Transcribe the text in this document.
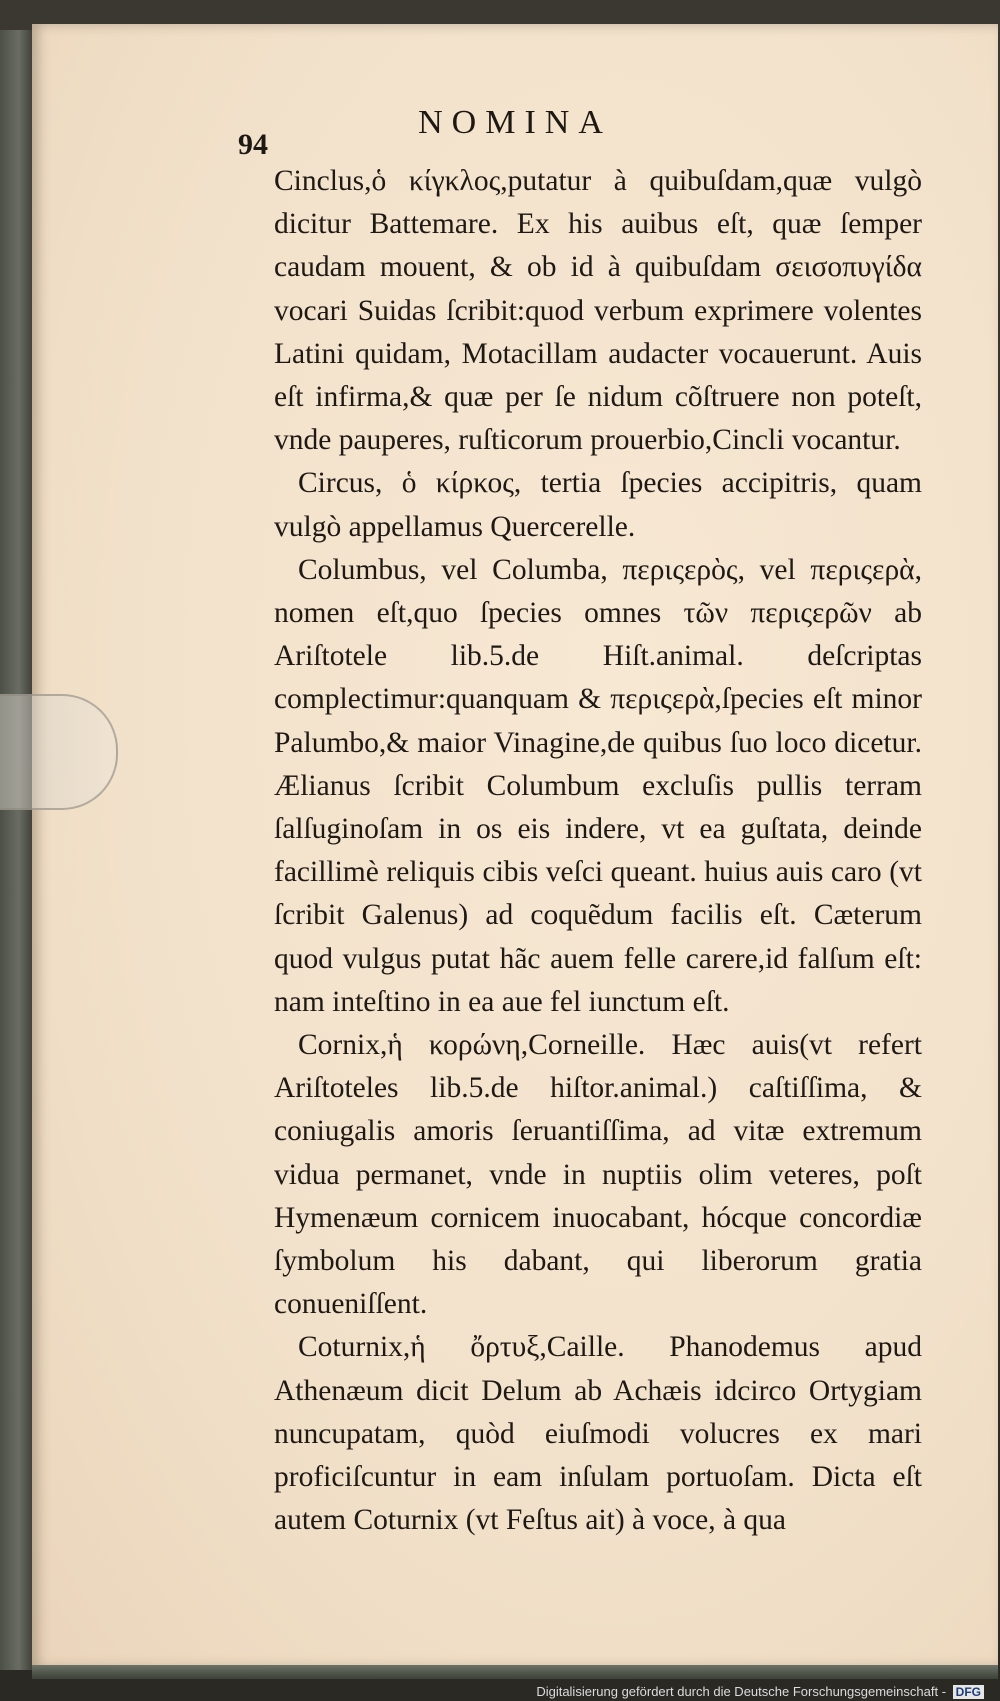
NOMINA
94

Cinclus,ὁ κίγκλος,putatur à quibuſdam,quæ vulgò dicitur Battemare. Ex his auibus eſt, quæ ſemper caudam mouent, & ob id à quibuſdam σεισοπυγίδα vocari Suidas ſcribit:quod verbum exprimere volentes Latini quidam, Motacillam audacter vocauerunt. Auis eſt infirma,& quæ per ſe nidum cõſtruere non poteſt, vnde pauperes, ruſticorum prouerbio,Cincli vocantur.

Circus, ὁ κίρκος, tertia ſpecies accipitris, quam vulgò appellamus Quercerelle.

Columbus, vel Columba, περιςερὸς, vel περιςερὰ, nomen eſt,quo ſpecies omnes τῶν περιςερῶν ab Ariſtotele lib.5.de Hiſt.animal. deſcriptas complectimur:quanquam & περιςερὰ,ſpecies eſt minor Palumbo,& maior Vinagine,de quibus ſuo loco dicetur. Ælianus ſcribit Columbum excluſis pullis terram ſalſuginoſam in os eis indere, vt ea guſtata, deinde facillimè reliquis cibis veſci queant. huius auis caro (vt ſcribit Galenus) ad coquẽdum facilis eſt. Cæterum quod vulgus putat hãc auem felle carere,id falſum eſt: nam inteſtino in ea aue fel iunctum eſt.

Cornix,ἡ κορώνη,Corneille. Hæc auis(vt refert Ariſtoteles lib.5.de hiſtor.animal.) caſtiſſima, & coniugalis amoris ſeruantiſſima, ad vitæ extremum vidua permanet, vnde in nuptiis olim veteres, poſt Hymenæum cornicem inuocabant, hócque concordiæ ſymbolum his dabant, qui liberorum gratia conueniſſent.

Coturnix,ἡ ὄρτυξ,Caille. Phanodemus apud Athenæum dicit Delum ab Achæis idcirco Ortygiam nuncupatam, quòd eiuſmodi volucres ex mari proficiſcuntur in eam inſulam portuoſam. Dicta eſt autem Coturnix (vt Feſtus ait) à voce, à qua

Digitalisierung gefördert durch die Deutsche Forschungsgemeinschaft - DFG
